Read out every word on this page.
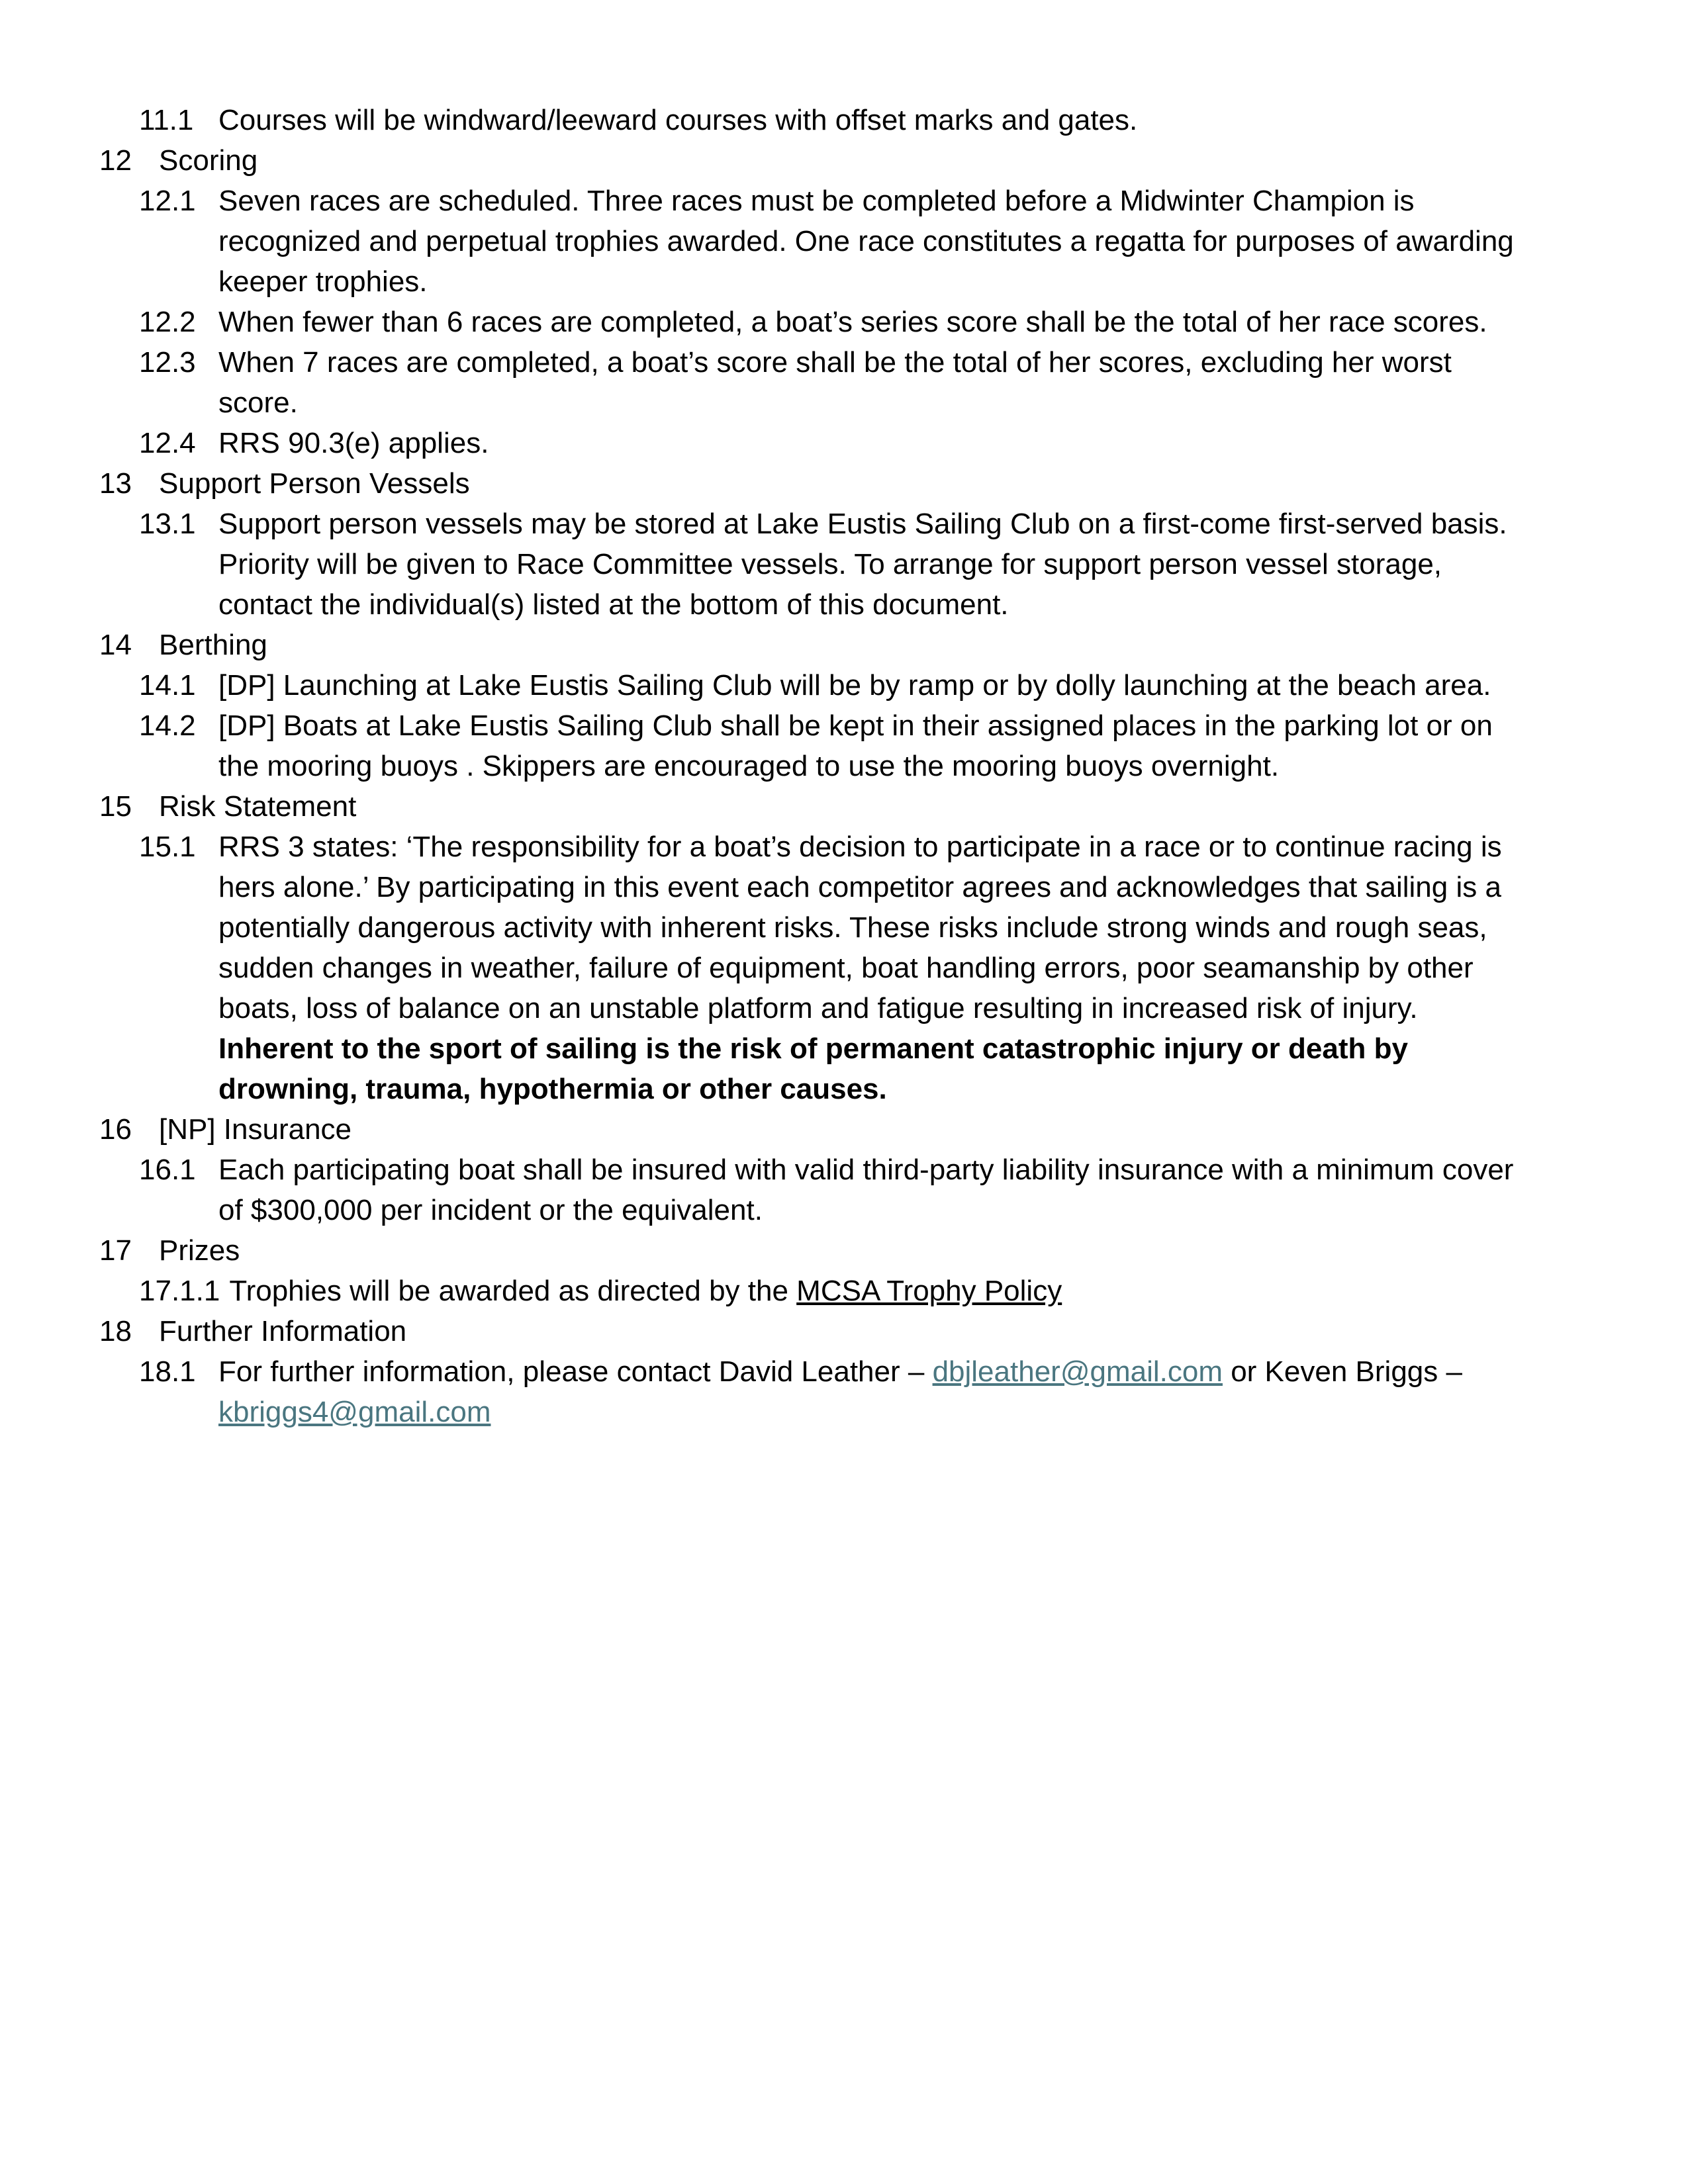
11.1 Courses will be windward/leeward courses with offset marks and gates.
12 Scoring
12.1 Seven races are scheduled. Three races must be completed before a Midwinter Champion is recognized and perpetual trophies awarded. One race constitutes a regatta for purposes of awarding keeper trophies.
12.2 When fewer than 6 races are completed, a boat’s series score shall be the total of her race scores.
12.3 When 7 races are completed, a boat’s score shall be the total of her scores, excluding her worst score.
12.4 RRS 90.3(e) applies.
13 Support Person Vessels
13.1 Support person vessels may be stored at Lake Eustis Sailing Club on a first-come first-served basis. Priority will be given to Race Committee vessels. To arrange for support person vessel storage, contact the individual(s) listed at the bottom of this document.
14 Berthing
14.1 [DP] Launching at Lake Eustis Sailing Club will be by ramp or by dolly launching at the beach area.
14.2 [DP] Boats at Lake Eustis Sailing Club shall be kept in their assigned places in the parking lot or on the mooring buoys . Skippers are encouraged to use the mooring buoys overnight.
15 Risk Statement
15.1 RRS 3 states: ‘The responsibility for a boat’s decision to participate in a race or to continue racing is hers alone.’ By participating in this event each competitor agrees and acknowledges that sailing is a potentially dangerous activity with inherent risks. These risks include strong winds and rough seas, sudden changes in weather, failure of equipment, boat handling errors, poor seamanship by other boats, loss of balance on an unstable platform and fatigue resulting in increased risk of injury. Inherent to the sport of sailing is the risk of permanent catastrophic injury or death by drowning, trauma, hypothermia or other causes.
16 [NP] Insurance
16.1 Each participating boat shall be insured with valid third-party liability insurance with a minimum cover of $300,000 per incident or the equivalent.
17 Prizes
17.1.1 Trophies will be awarded as directed by the MCSA Trophy Policy
18 Further Information
18.1 For further information, please contact David Leather – dbjleather@gmail.com or Keven Briggs – kbriggs4@gmail.com
